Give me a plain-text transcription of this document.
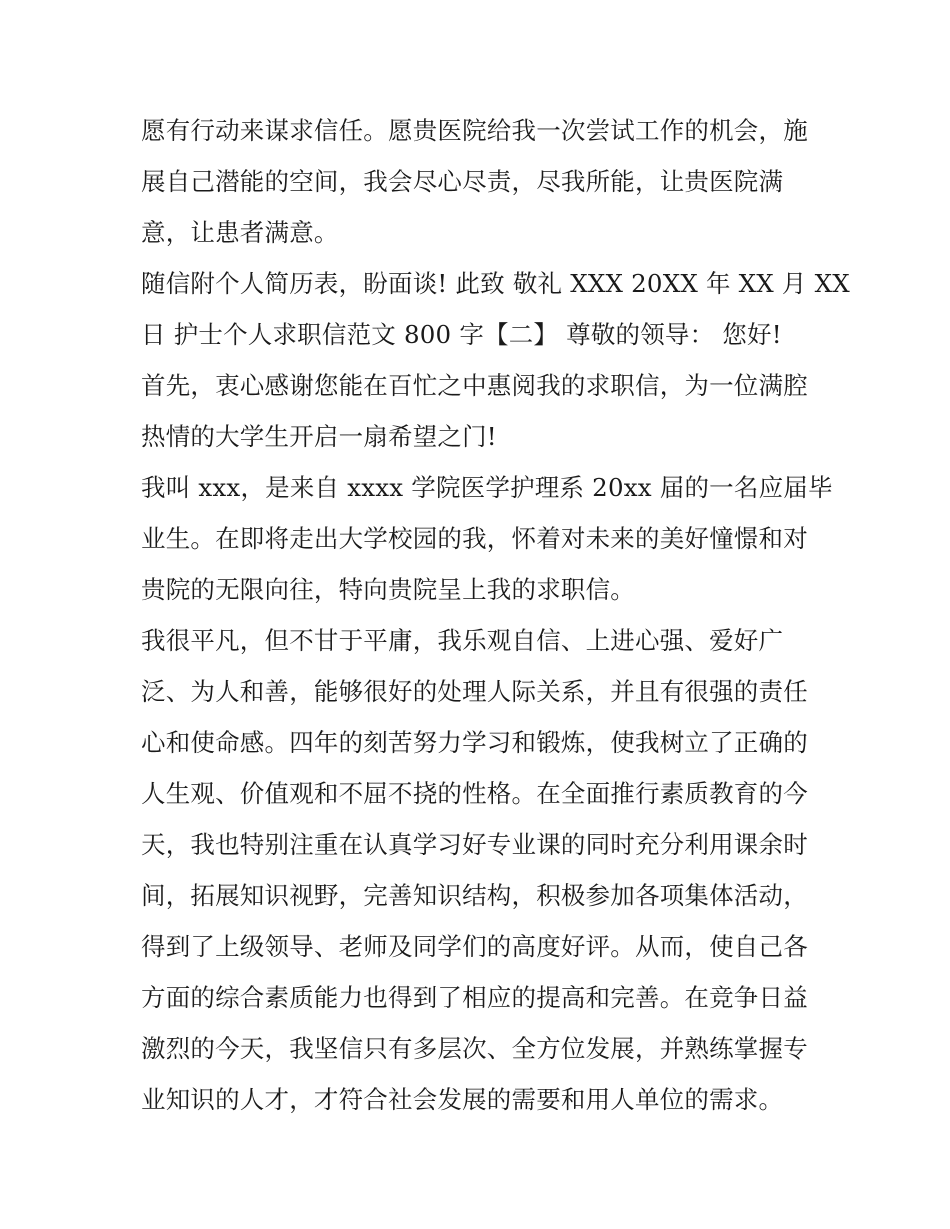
愿有行动来谋求信任。愿贵医院给我一次尝试工作的机会，施
展自己潜能的空间，我会尽心尽责，尽我所能，让贵医院满
意，让患者满意。
随信附个人简历表，盼面谈! 此致 敬礼 XXX 20XX 年 XX 月 XX
日 护士个人求职信范文 800 字【二】 尊敬的领导： 您好!
首先，衷心感谢您能在百忙之中惠阅我的求职信，为一位满腔
热情的大学生开启一扇希望之门!
我叫 xxx，是来自 xxxx 学院医学护理系 20xx 届的一名应届毕
业生。在即将走出大学校园的我，怀着对未来的美好憧憬和对
贵院的无限向往，特向贵院呈上我的求职信。
我很平凡，但不甘于平庸，我乐观自信、上进心强、爱好广
泛、为人和善，能够很好的处理人际关系，并且有很强的责任
心和使命感。四年的刻苦努力学习和锻炼，使我树立了正确的
人生观、价值观和不屈不挠的性格。在全面推行素质教育的今
天，我也特别注重在认真学习好专业课的同时充分利用课余时
间，拓展知识视野，完善知识结构，积极参加各项集体活动，
得到了上级领导、老师及同学们的高度好评。从而，使自己各
方面的综合素质能力也得到了相应的提高和完善。在竞争日益
激烈的今天，我坚信只有多层次、全方位发展，并熟练掌握专
业知识的人才，才符合社会发展的需要和用人单位的需求。
